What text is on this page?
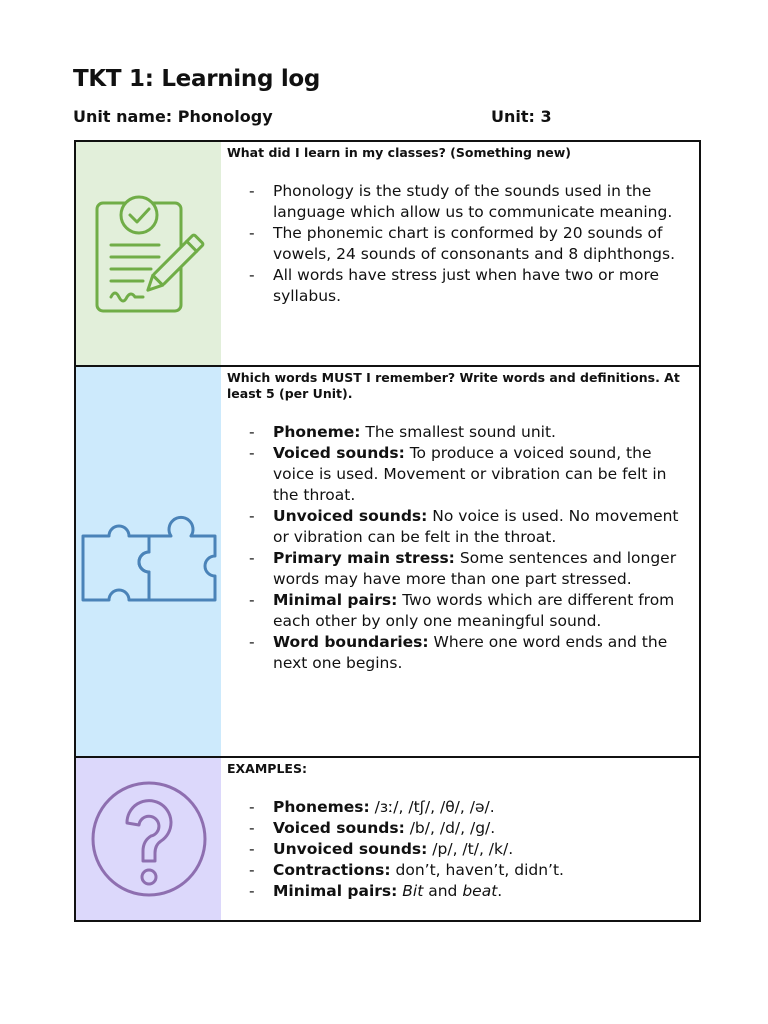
TKT 1: Learning log
Unit name: Phonology	Unit: 3
What did I learn in my classes? (Something new)
- Phonology is the study of the sounds used in the language which allow us to communicate meaning.
- The phonemic chart is conformed by 20 sounds of vowels, 24 sounds of consonants and 8 diphthongs.
- All words have stress just when have two or more syllabus.
Which words MUST I remember? Write words and definitions. At least 5 (per Unit).
- Phoneme: The smallest sound unit.
- Voiced sounds: To produce a voiced sound, the voice is used. Movement or vibration can be felt in the throat.
- Unvoiced sounds: No voice is used. No movement or vibration can be felt in the throat.
- Primary main stress: Some sentences and longer words may have more than one part stressed.
- Minimal pairs: Two words which are different from each other by only one meaningful sound.
- Word boundaries: Where one word ends and the next one begins.
EXAMPLES:
- Phonemes: /ɜː/, /tʃ/, /θ/, /ə/.
- Voiced sounds: /b/, /d/, /g/.
- Unvoiced sounds: /p/, /t/, /k/.
- Contractions: don’t, haven’t, didn’t.
- Minimal pairs: Bit and beat.
